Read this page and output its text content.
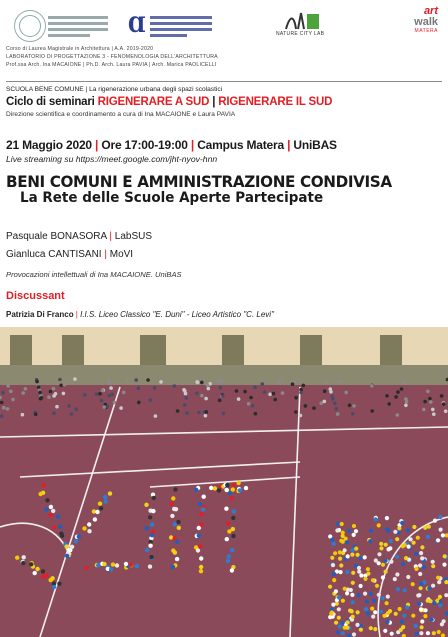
Ɑ	NATURE CITY LAB
art
walk
MATERA
Corso di Laurea Magistrale in Architettura | A.A. 2019-2020
LABORATORIO DI PROGETTAZIONE 3 - FENOMENOLOGIA DELL'ARCHITETTURA
Prof.ssa Arch. Ina MACAIONE | Ph.D. Arch. Laura PAVIA | Arch. Marica PAOLICELLI
SCUOLA BENE COMUNE | La rigenerazione urbana degli spazi scolastici
Ciclo di seminari RIGENERARE A SUD | RIGENERARE IL SUD
Direzione scientifica e coordinamento a cura di Ina MACAIONE e Laura PAVIA
21 Maggio 2020 | Ore 17:00-19:00 | Campus Matera | UniBAS
Live streaming su https://meet.google.com/jht-nyov-hnn
BENI COMUNI E AMMINISTRAZIONE CONDIVISA
La Rete delle Scuole Aperte Partecipate
Pasquale BONASORA | LabSUS
Gianluca CANTISANI | MoVI
Provocazioni intellettuali di Ina MACAIONE. UniBAS
Discussant
Patrizia Di Franco | I.I.S. Liceo Classico "E. Duni" - Liceo Artistico "C. Levi"
